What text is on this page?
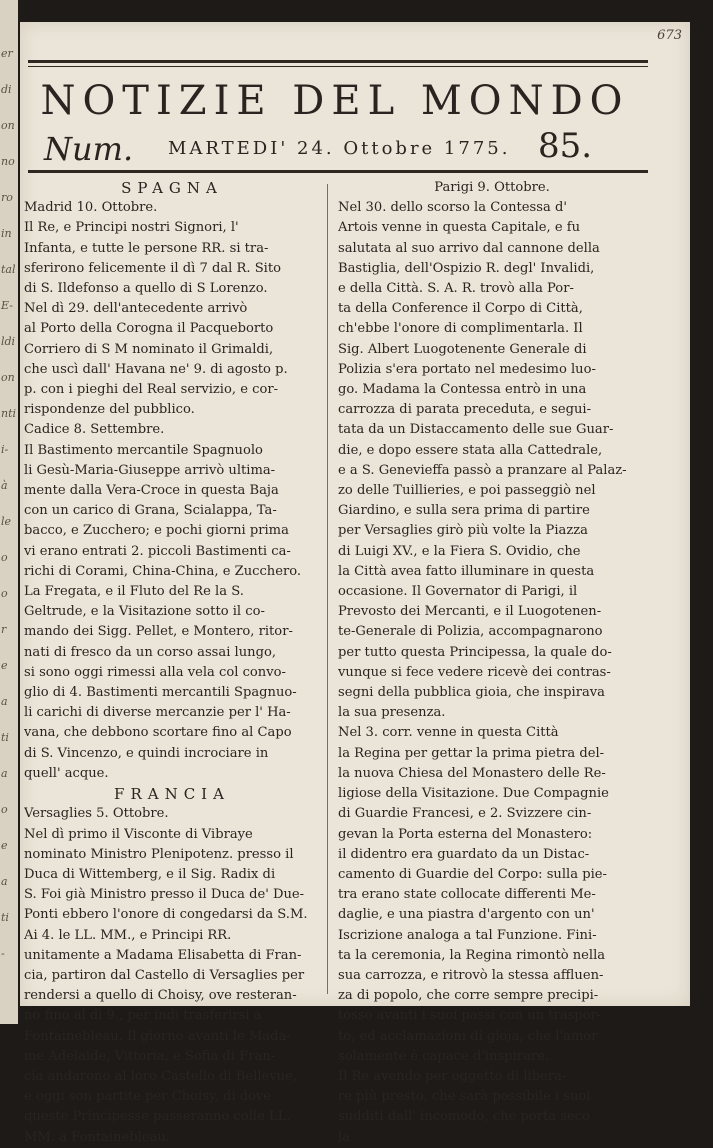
er
di
on
no
ro
in
tal
E-
ldi
on
nti
i-
à
le
o
o
r
e
a
ti
a
o
e
a
ti
-
673
NOTIZIE DEL MONDO
Num. MARTEDI' 24. Ottobre 1775. 85.
SPAGNA
Madrid 10. Ottobre.
Il Re, e Principi nostri Signori, l'
Infanta, e tutte le persone RR. si tra-
sferirono felicemente il dì 7 dal R. Sito
di S. Ildefonso a quello di S Lorenzo.
Nel dì 29. dell'antecedente arrivò
al Porto della Corogna il Pacqueborto
Corriero di S M nominato il Grimaldi,
che uscì dall' Havana ne' 9. di agosto p.
p. con i pieghi del Real servizio, e cor-
rispondenze del pubblico.
Cadice 8. Settembre.
Il Bastimento mercantile Spagnuolo
li Gesù-Maria-Giuseppe arrivò ultima-
mente dalla Vera-Croce in questa Baja
con un carico di Grana, Scialappa, Ta-
bacco, e Zucchero; e pochi giorni prima
vi erano entrati 2. piccoli Bastimenti ca-
richi di Corami, China-China, e Zucchero.
La Fregata, e il Fluto del Re la S.
Geltrude, e la Visitazione sotto il co-
mando dei Sigg. Pellet, e Montero, ritor-
nati di fresco da un corso assai lungo,
si sono oggi rimessi alla vela col convo-
glio di 4. Bastimenti mercantili Spagnuo-
li carichi di diverse mercanzie per l' Ha-
vana, che debbono scortare fino al Capo
di S. Vincenzo, e quindi incrociare in
quell' acque.
FRANCIA
Versaglies 5. Ottobre.
Nel dì primo il Visconte di Vibraye
nominato Ministro Plenipotenz. presso il
Duca di Wittemberg, e il Sig. Radix di
S. Foi già Ministro presso il Duca de' Due-
Ponti ebbero l'onore di congedarsi da S.M.
Ai 4. le LL. MM., e Principi RR.
unitamente a Madama Elisabetta di Fran-
cia, partiron dal Castello di Versaglies per
rendersi a quello di Choisy, ove resteran-
no fino al dì 9., per indi trasferirsi a
Fontainebleau. Il giorno avanti le Mada-
me Adelaide, Vittoria, e Sofia di Fran-
cia andarono al loro Castello di Bellevue,
e oggi son partite per Choisy, di dove
queste Principesse passeranno colle LL.
MM. a Fontainebleau.
Parigi 9. Ottobre.
Nel 30. dello scorso la Contessa d'
Artois venne in questa Capitale, e fu
salutata al suo arrivo dal cannone della
Bastiglia, dell'Ospizio R. degl' Invalidi,
e della Città. S. A. R. trovò alla Por-
ta della Conference il Corpo di Città,
ch'ebbe l'onore di complimentarla. Il
Sig. Albert Luogotenente Generale di
Polizia s'era portato nel medesimo luo-
go. Madama la Contessa entrò in una
carrozza di parata preceduta, e segui-
tata da un Distaccamento delle sue Guar-
die, e dopo essere stata alla Cattedrale,
e a S. Genevieffa passò a pranzare al Palaz-
zo delle Tuillieries, e poi passeggiò nel
Giardino, e sulla sera prima di partire
per Versaglies girò più volte la Piazza
di Luigi XV., e la Fiera S. Ovidio, che
la Città avea fatto illuminare in questa
occasione. Il Governator di Parigi, il
Prevosto dei Mercanti, e il Luogotenen-
te-Generale di Polizia, accompagnarono
per tutto questa Principessa, la quale do-
vunque si fece vedere ricevè dei contras-
segni della pubblica gioia, che inspirava
la sua presenza.
Nel 3. corr. venne in questa Città
la Regina per gettar la prima pietra del-
la nuova Chiesa del Monastero delle Re-
ligiose della Visitazione. Due Compagnie
di Guardie Francesi, e 2. Svizzere cin-
gevan la Porta esterna del Monastero:
il didentro era guardato da un Distac-
camento di Guardie del Corpo: sulla pie-
tra erano state collocate differenti Me-
daglie, e una piastra d'argento con un'
Iscrizione analoga a tal Funzione. Fini-
ta la ceremonia, la Regina rimontò nella
sua carrozza, e ritrovò la stessa affluen-
za di popolo, che corre sempre precipi-
tosso avanti i suoi passi con un traspor-
to, ed acclamazioni di gioja, che l'amor
solamente è capace d'inspirare.
Il Re avendo per oggetto di libera-
re più presto, che sarà possibile i suoi
sudditi dall' incomodo, che porta seco
la
